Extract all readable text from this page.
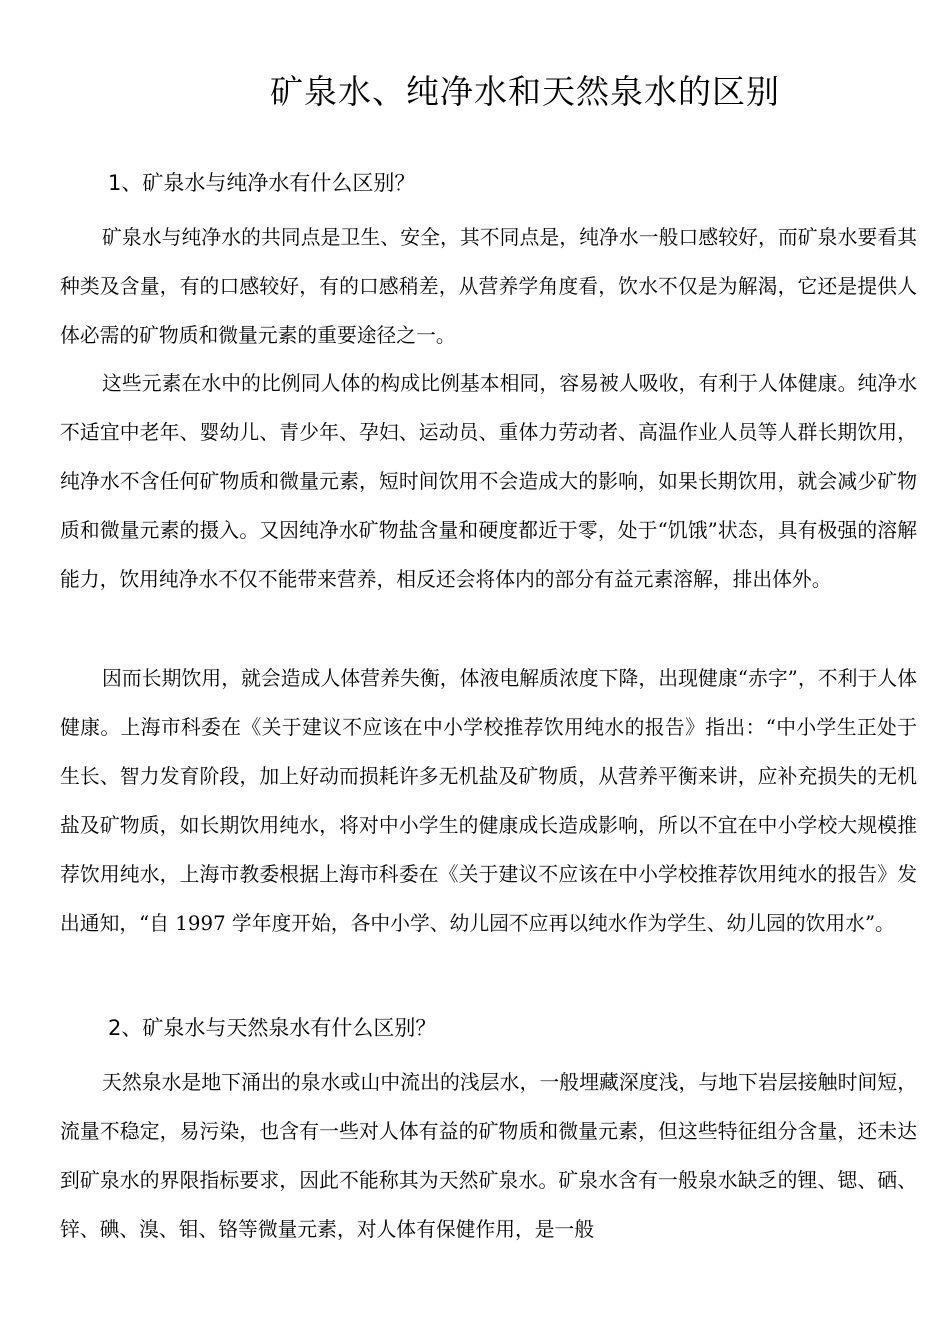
矿泉水、纯净水和天然泉水的区别
1、矿泉水与纯净水有什么区别？

矿泉水与纯净水的共同点是卫生、安全，其不同点是，纯净水一般口感较好，而矿泉水要看其种类及含量，有的口感较好，有的口感稍差，从营养学角度看，饮水不仅是为解渴，它还是提供人体必需的矿物质和微量元素的重要途径之一。

这些元素在水中的比例同人体的构成比例基本相同，容易被人吸收，有利于人体健康。纯净水不适宜中老年、婴幼儿、青少年、孕妇、运动员、重体力劳动者、高温作业人员等人群长期饮用，纯净水不含任何矿物质和微量元素，短时间饮用不会造成大的影响，如果长期饮用，就会减少矿物质和微量元素的摄入。又因纯净水矿物盐含量和硬度都近于零，处于“饥饿”状态，具有极强的溶解能力，饮用纯净水不仅不能带来营养，相反还会将体内的部分有益元素溶解，排出体外。

因而长期饮用，就会造成人体营养失衡，体液电解质浓度下降，出现健康“赤字”，不利于人体健康。上海市科委在《关于建议不应该在中小学校推荐饮用纯水的报告》指出：“中小学生正处于生长、智力发育阶段，加上好动而损耗许多无机盐及矿物质，从营养平衡来讲，应补充损失的无机盐及矿物质，如长期饮用纯水，将对中小学生的健康成长造成影响，所以不宜在中小学校大规模推荐饮用纯水，上海市教委根据上海市科委在《关于建议不应该在中小学校推荐饮用纯水的报告》发出通知，“自 1997 学年度开始，各中小学、幼儿园不应再以纯水作为学生、幼儿园的饮用水”。

2、矿泉水与天然泉水有什么区别？

天然泉水是地下涌出的泉水或山中流出的浅层水，一般埋藏深度浅，与地下岩层接触时间短，流量不稳定，易污染，也含有一些对人体有益的矿物质和微量元素，但这些特征组分含量，还未达到矿泉水的界限指标要求，因此不能称其为天然矿泉水。矿泉水含有一般泉水缺乏的锂、锶、硒、锌、碘、溴、钼、铬等微量元素，对人体有保健作用，是一般
